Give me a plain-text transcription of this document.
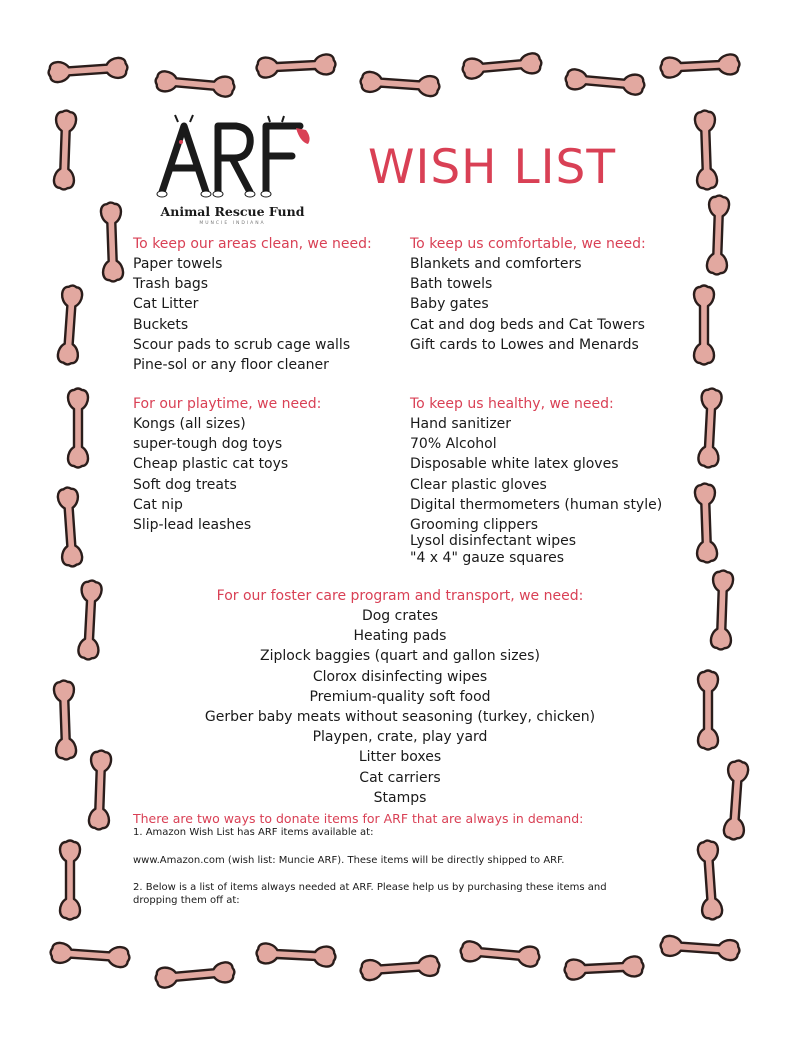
Animal Rescue Fund
MUNCIE INDIANA
WISH LIST
To keep our areas clean, we need:
Paper towels
Trash bags
Cat Litter
Buckets
Scour pads to scrub cage walls
Pine-sol or any floor cleaner
To keep us comfortable, we need:
Blankets and comforters
Bath towels
Baby gates
Cat and dog beds and Cat Towers
Gift cards to Lowes and Menards
For our playtime, we need:
Kongs (all sizes)
super-tough dog toys
Cheap plastic cat toys
Soft dog treats
Cat nip
Slip-lead leashes
To keep us healthy, we need:
Hand sanitizer
70% Alcohol
Disposable white latex gloves
Clear plastic gloves
Digital thermometers (human style)
Grooming clippers
Lysol disinfectant wipes
"4 x 4" gauze squares
For our foster care program and transport, we need:
Dog crates
Heating pads
Ziplock baggies (quart and gallon sizes)
Clorox disinfecting wipes
Premium-quality soft food
Gerber baby meats without seasoning (turkey, chicken)
Playpen, crate, play yard
Litter boxes
Cat carriers
Stamps
There are two ways to donate items for ARF that are always in demand:
1. Amazon Wish List has ARF items available at:
www.Amazon.com (wish list: Muncie ARF). These items will be directly shipped to ARF.
2. Below is a list of items always needed at ARF. Please help us by purchasing these items and
dropping them off at:
